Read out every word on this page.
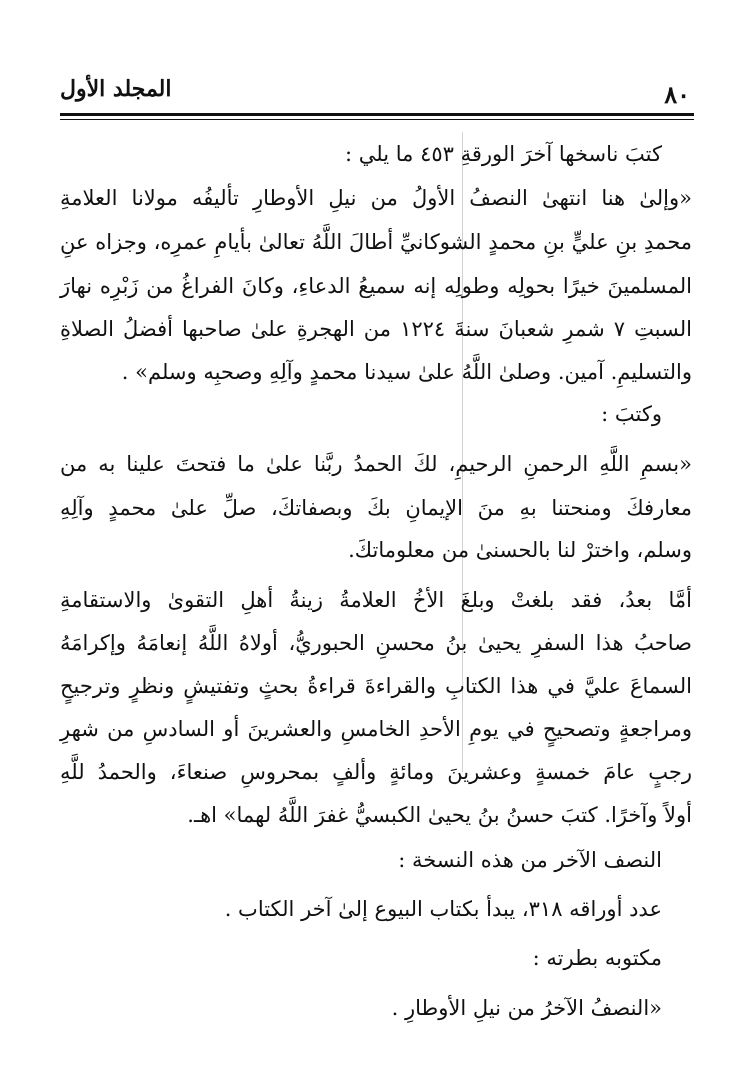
٨٠
المجلد الأول
كتبَ ناسخها آخرَ الورقةِ ٤٥٣ ما يلي :
«وإلىٰ هنا انتهىٰ النصفُ الأولُ من نيلِ الأوطارِ تأليفُه مولانا العلامةِ
محمدِ بنِ عليٍّ بنِ محمدٍ الشوكانيِّ أطالَ اللَّهُ تعالىٰ بأيامِ عمرِه، وجزاه عنِ
المسلمينَ خيرًا بحولِه وطولِه إنه سميعُ الدعاءِ، وكانَ الفراغُ من زَبْرِه نهارَ
السبتِ ٧ شمرِ شعبانَ سنةَ ١٢٢٤ من الهجرةِ علىٰ صاحبها أفضلُ الصلاةِ
والتسليمِ. آمين. وصلىٰ اللَّهُ علىٰ سيدنا محمدٍ وآلِهِ وصحبِه وسلم» .
وكتبَ :
«بسمِ اللَّهِ الرحمنِ الرحيمِ، لكَ الحمدُ ربَّنا علىٰ ما فتحتَ علينا به من
معارفكَ ومنحتنا بهِ منَ الإيمانِ بكَ وبصفاتكَ، صلِّ علىٰ محمدٍ وآلِهِ
وسلم، واخترْ لنا بالحسنىٰ من معلوماتكَ.
أمَّا بعدُ، فقد بلغتْ وبلغَ الأخُ العلامةُ زينةُ أهلِ التقوىٰ والاستقامةِ
صاحبُ هذا السفرِ يحيىٰ بنُ محسنِ الحبوريُّ، أولاهُ اللَّهُ إنعامَهُ وإكرامَهُ
السماعَ عليَّ في هذا الكتابِ والقراءةَ قراءةُ بحثٍ وتفتيشٍ ونظرٍ وترجيحٍ
ومراجعةٍ وتصحيحٍ في يومِ الأحدِ الخامسِ والعشرينَ أو السادسِ من شهرِ
رجبٍ عامَ خمسةٍ وعشرينَ ومائةٍ وألفٍ بمحروسِ صنعاءَ، والحمدُ للَّهِ
أولاً وآخرًا. كتبَ حسنُ بنُ يحيىٰ الكبسيُّ غفرَ اللَّهُ لهما» اهـ.
النصف الآخر من هذه النسخة :
عدد أوراقه ٣١٨، يبدأ بكتاب البيوع إلىٰ آخر الكتاب .
مكتوبه بطرته :
«النصفُ الآخرُ من نيلِ الأوطارِ .
